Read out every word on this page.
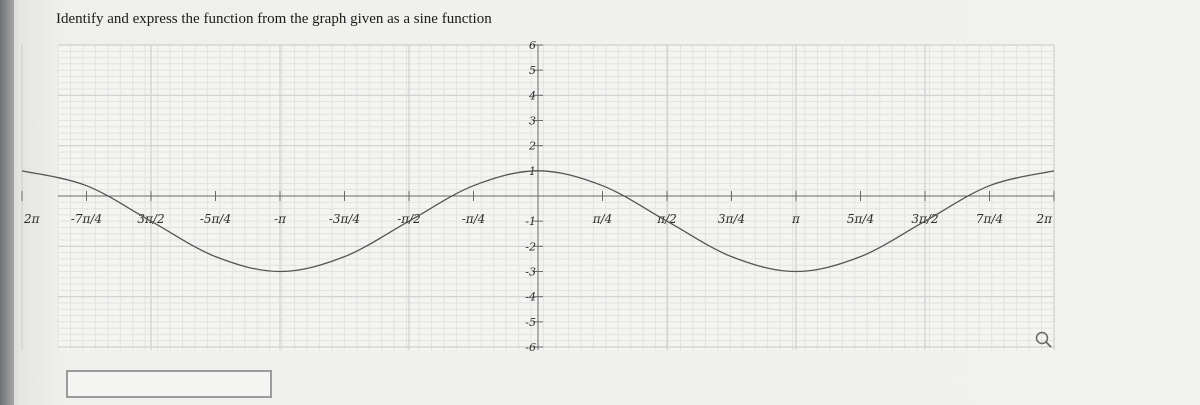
Identify and express the function from the graph given as a sine function
2π	-7π/4	3π/2	-5π/4	-π	-3π/4	-π/2	-π/4	π/4	π/2	3π/4	π	5π/4	3π/2	7π/4	2π
6
5
4
3
2
1
-1
-2
-3
-4
-5
-6
